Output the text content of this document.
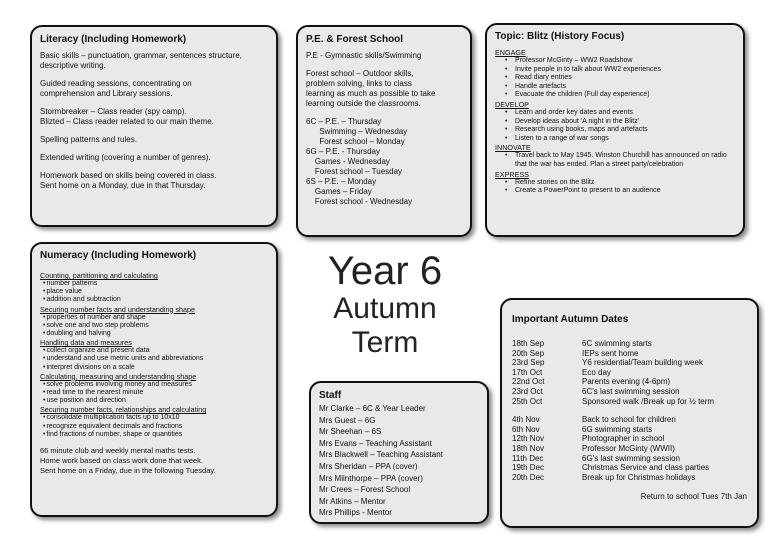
Literacy (Including Homework)
Basic skills – punctuation, grammar, sentences structure,
descriptive writing.
Guided reading sessions, concentrating on
comprehension and Library sessions.
Stormbreaker – Class reader (spy camp).
Blizted – Class reader related to our main theme.
Spelling patterns and rules.
Extended writing (covering a number of genres).
Homework based on skills being covered in class.
Sent home on a Monday, due in that Thursday.
P.E. & Forest School
P.E - Gymnastic skills/Swimming
Forest school – Outdoor skills,
problem solving, links to class
learning as much as possible to take
learning outside the classrooms.
6C – P.E. – Thursday
Swimming – Wednesday
Forest school – Monday
6G – P.E. - Thursday
Games - Wednesday
Forest school – Tuesday
6S – P.E. – Monday
Games – Friday
Forest school - Wednesday
Topic: Blitz (History Focus)
ENGAGE
• Professor McGinty – WW2 Roadshow
• Invite people in to talk about WW2 experiences
• Read diary entries
• Handle artefacts
• Evacuate the children (Full day experience)
DEVELOP
• Learn and order key dates and events
• Develop ideas about 'A night in the Blitz'
• Research using books, maps and artefacts
• Listen to a range of war songs
INNOVATE
• Travel back to May 1945. Winston Churchill has announced on radio that the war has ended. Plan a street party/celebration
EXPRESS
• Refine stories on the Blitz
• Create a PowerPoint to present to an audience
Numeracy (Including Homework)
Counting, partitioning and calculating
• number patterns
• place value
• addition and subtraction
Securing number facts and understanding shape
• properties of number and shape
• solve one and two step problems
• doubling and halving
Handling data and measures
• collect organize and present data
• understand and use metric units and abbreviations
• interpret divisions on a scale
Calculating, measuring and understanding shape
• solve problems involving money and measures
• read time to the nearest minute
• use position and direction
Securing number facts, relationships and calculating
• consolidate multiplication facts up to 10x10
• recognize equivalent decimals and fractions
• find fractions of number, shape or quantities
66 minute club and weekly mental maths tests.
Home work based on class work done that week.
Sent home on a Friday, due in the following Tuesday.
Year 6
Autumn
Term
Staff
Mr Clarke – 6C & Year Leader
Mrs Guest – 6G
Mr Sheehan – 6S
Mrs Evans – Teaching Assistant
Mrs Blackwell – Teaching Assistant
Mrs Sheridan – PPA (cover)
Mrs Milnthorpe – PPA (cover)
Mr Crees – Forest School
Mr Atkins – Mentor
Mrs Phillips - Mentor
Important Autumn Dates
18th Sep	6C swimming starts
20th Sep	IEPs sent home
23rd Sep	Y6 residential/Team building week
17th Oct	Eco day
22nd Oct	Parents evening (4-6pm)
23rd Oct	6C's last swimming session
25th Oct	Sponsored walk /Break up for ½ term
4th Nov	Back to school for children
6th Nov	6G swimming starts
12th Nov	Photographer in school
18th Nov	Professor McGinty (WWII)
11th Dec	6G's last swimming session
19th Dec	Christmas Service and class parties
20th Dec	Break up for Christmas holidays
Return to school Tues 7th Jan
